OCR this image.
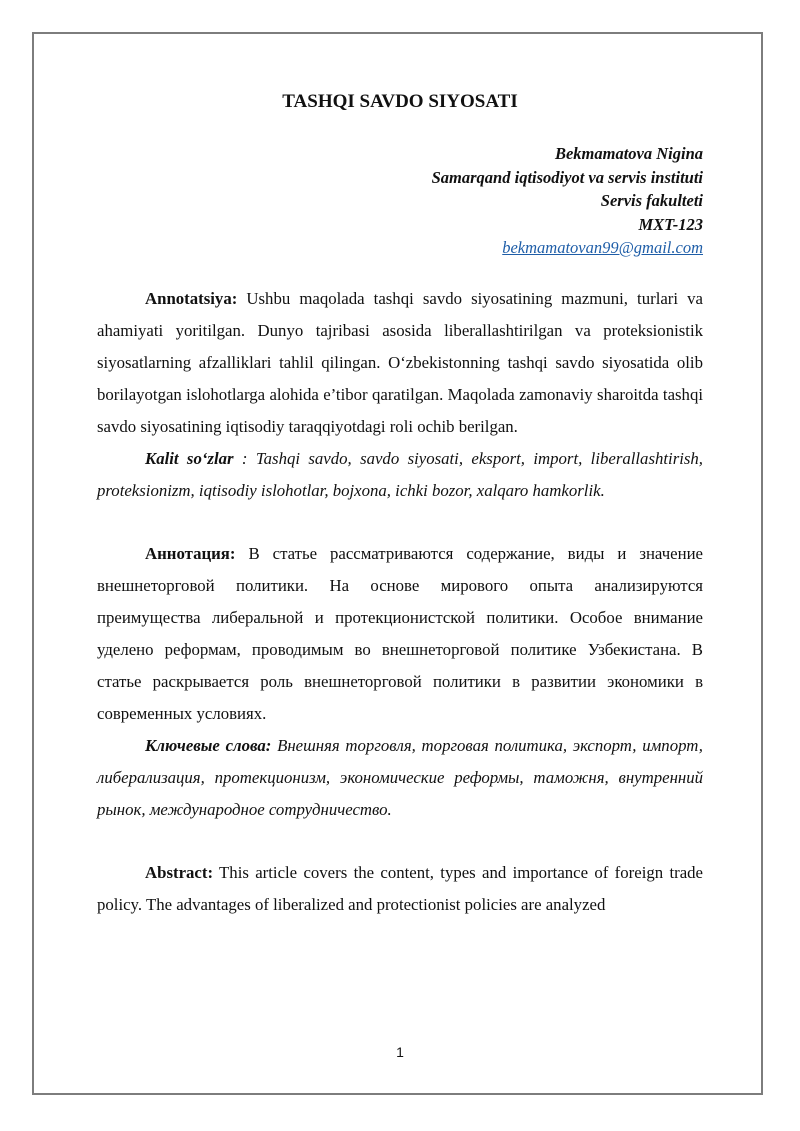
TASHQI SAVDO SIYOSATI
Bekmamatova Nigina
Samarqand iqtisodiyot va servis instituti
Servis fakulteti
MXT-123
bekmamatovan99@gmail.com

Annotatsiya: Ushbu maqolada tashqi savdo siyosatining mazmuni, turlari va ahamiyati yoritilgan. Dunyo tajribasi asosida liberallashtirilgan va proteksionistik siyosatlarning afzalliklari tahlil qilingan. O‘zbekistonning tashqi savdo siyosatida olib borilayotgan islohotlarga alohida e’tibor qaratilgan. Maqolada zamonaviy sharoitda tashqi savdo siyosatining iqtisodiy taraqqiyotdagi roli ochib berilgan.

Kalit so‘zlar : Tashqi savdo, savdo siyosati, eksport, import, liberallashtirish, proteksionizm, iqtisodiy islohotlar, bojxona, ichki bozor, xalqaro hamkorlik.

Аннотация: В статье рассматриваются содержание, виды и значение внешнеторговой политики. На основе мирового опыта анализируются преимущества либеральной и протекционистской политики. Особое внимание уделено реформам, проводимым во внешнеторговой политике Узбекистана. В статье раскрывается роль внешнеторговой политики в развитии экономики в современных условиях.

Ключевые слова: Внешняя торговля, торговая политика, экспорт, импорт, либерализация, протекционизм, экономические реформы, таможня, внутренний рынок, международное сотрудничество.

Abstract: This article covers the content, types and importance of foreign trade policy. The advantages of liberalized and protectionist policies are analyzed

1
